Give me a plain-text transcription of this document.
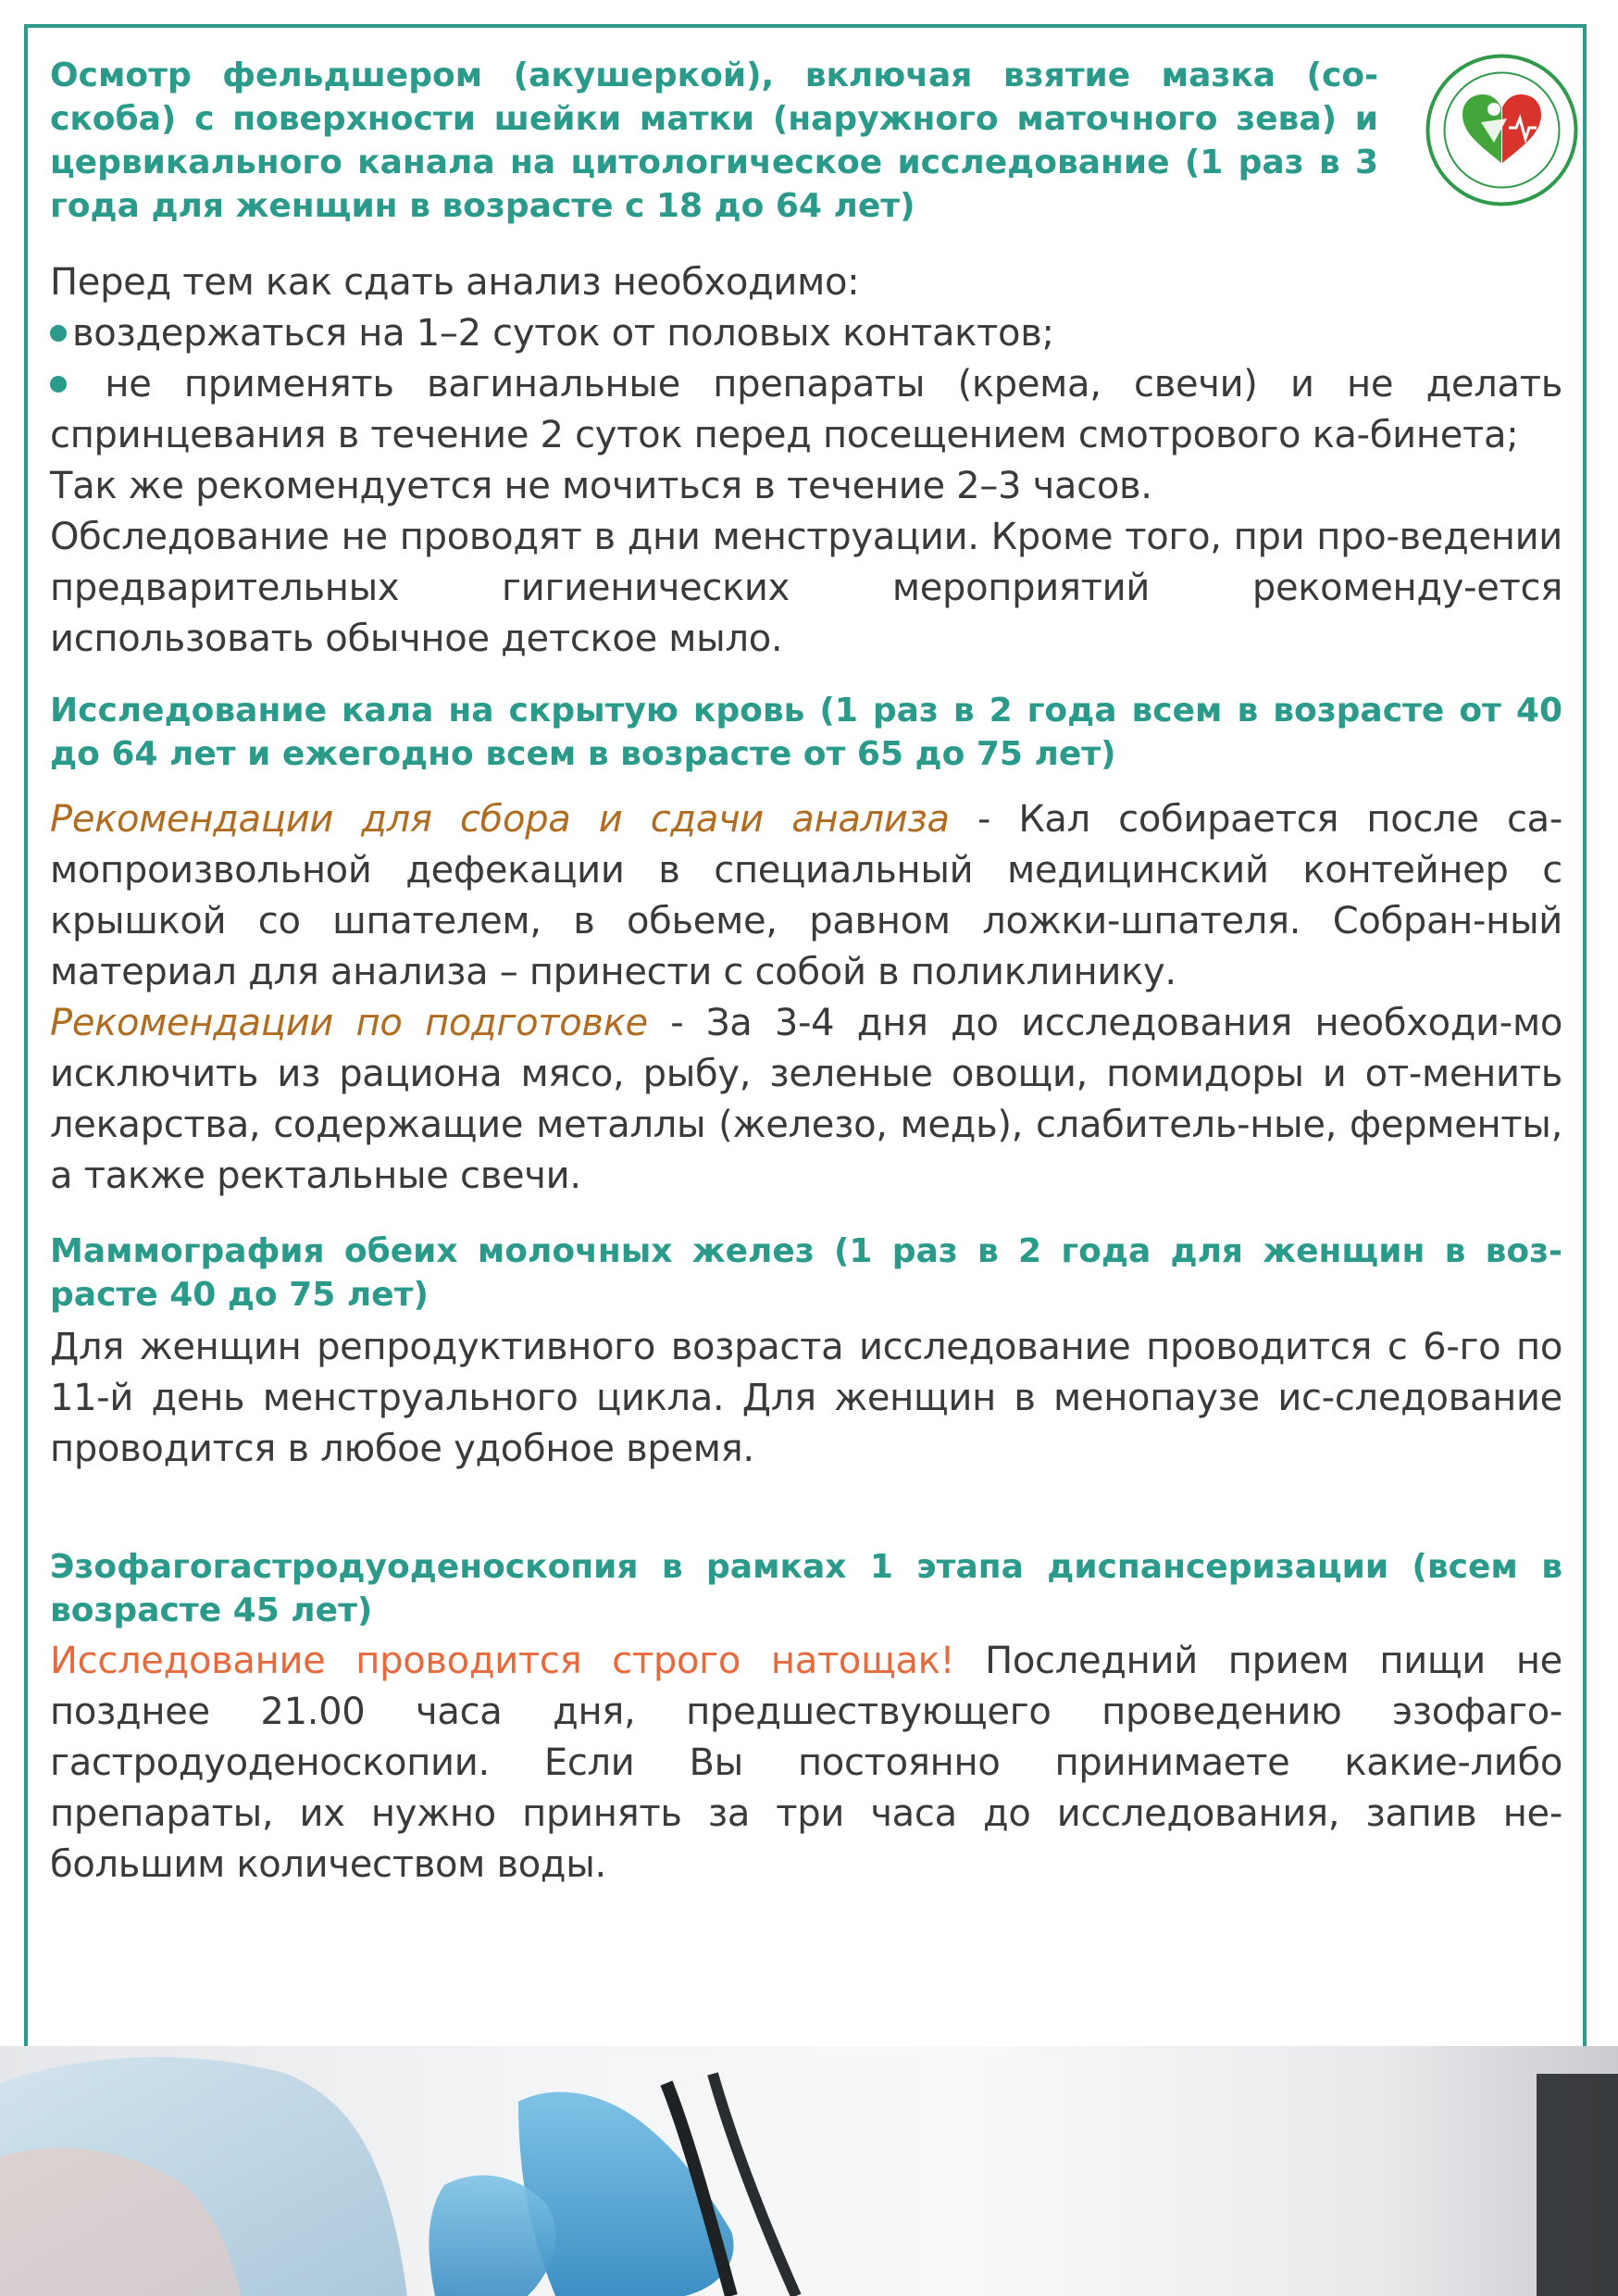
Осмотр фельдшером (акушеркой), включая взятие мазка (со-скоба) с поверхности шейки матки (наружного маточного зева) и цервикального канала на цитологическое исследование (1 раз в 3 года для женщин в возрасте с 18 до 64 лет)

Перед тем как сдать анализ необходимо:

воздержаться на 1–2 суток от половых контактов;

не применять вагинальные препараты (крема, свечи) и не делать спринцевания в течение 2 суток перед посещением смотрового ка-бинета;

Так же рекомендуется не мочиться в течение 2–3 часов.

Обследование не проводят в дни менструации. Кроме того, при про-ведении предварительных гигиенических мероприятий рекоменду-ется использовать обычное детское мыло.

Исследование кала на скрытую кровь (1 раз в 2 года всем в возрасте от 40 до 64 лет и ежегодно всем в возрасте от 65 до 75 лет)

Рекомендации для сбора и сдачи анализа - Кал собирается после са-мопроизвольной дефекации в специальный медицинский контейнер с крышкой со шпателем, в обьеме, равном ложки-шпателя. Собран-ный материал для анализа – принести с собой в поликлинику.

Рекомендации по подготовке - За 3-4 дня до исследования необходи-мо исключить из рациона мясо, рыбу, зеленые овощи, помидоры и от-менить лекарства, содержащие металлы (железо, медь), слабитель-ные, ферменты, а также ректальные свечи.

Маммография обеих молочных желез (1 раз в 2 года для женщин в воз-расте 40 до 75 лет)

Для женщин репродуктивного возраста исследование проводится с 6-го по 11-й день менструального цикла. Для женщин в менопаузе ис-следование проводится в любое удобное время.

Эзофагогастродуоденоскопия в рамках 1 этапа диспансеризации (всем в возрасте 45 лет)

Исследование проводится строго натощак! Последний прием пищи не позднее 21.00 часа дня, предшествующего проведению эзофаго-гастродуоденоскопии. Если Вы постоянно принимаете какие-либо препараты, их нужно принять за три часа до исследования, запив не-большим количеством воды.
